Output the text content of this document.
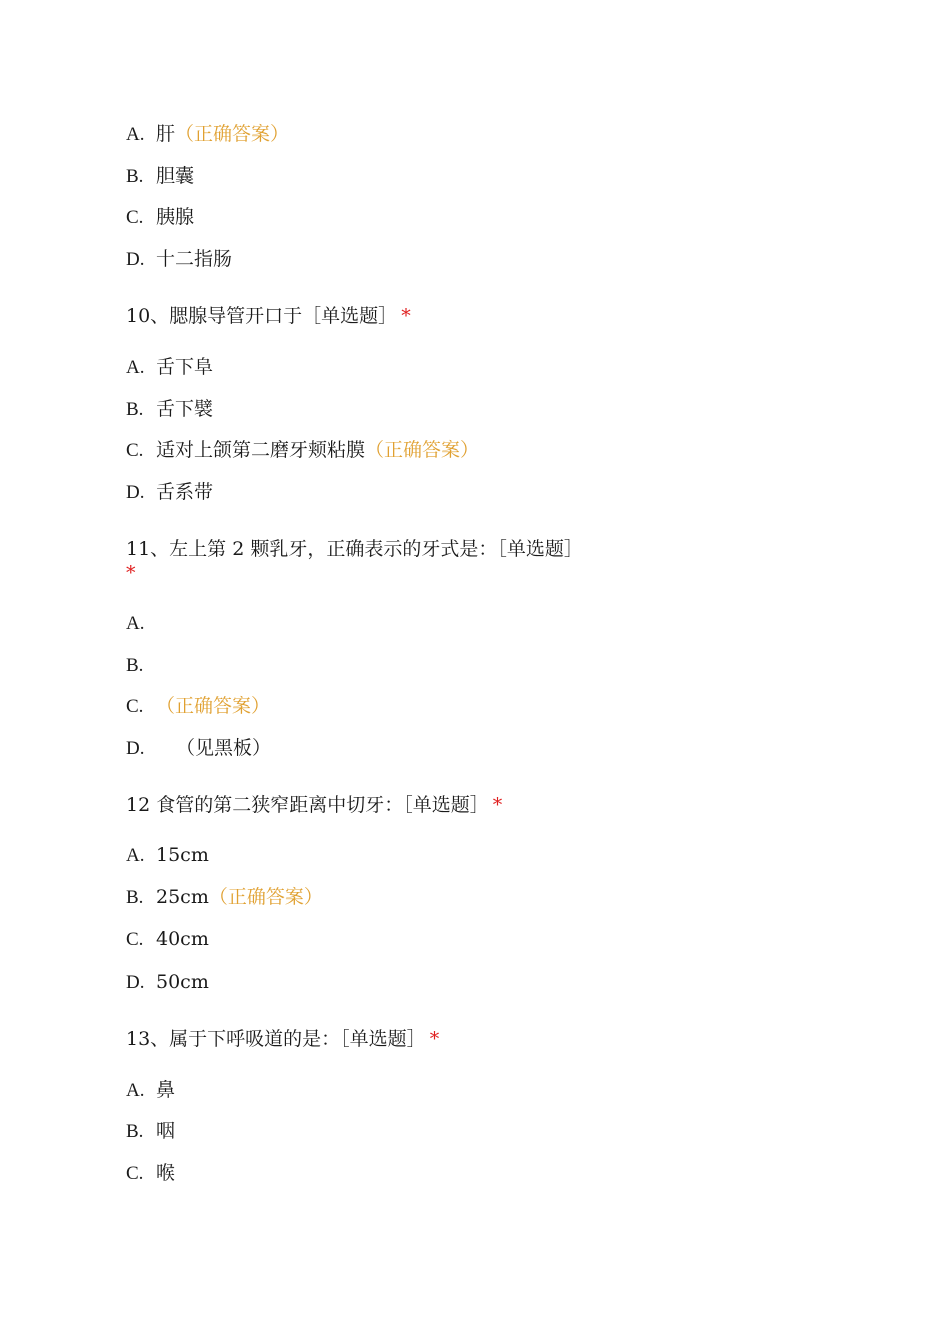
A. 肝（正确答案）
B. 胆囊
C. 胰腺
D. 十二指肠
10、腮腺导管开口于［单选题］ *
A. 舌下阜
B. 舌下襞
C. 适对上颌第二磨牙颊粘膜（正确答案）
D. 舌系带
11、左上第 2 颗乳牙，正确表示的牙式是：［单选题］
*
A.
B.
C. （正确答案）
D. （见黑板）
12 食管的第二狭窄距离中切牙：［单选题］ *
A. 15cm
B. 25cm（正确答案）
C. 40cm
D. 50cm
13、属于下呼吸道的是：［单选题］ *
A. 鼻
B. 咽
C. 喉
